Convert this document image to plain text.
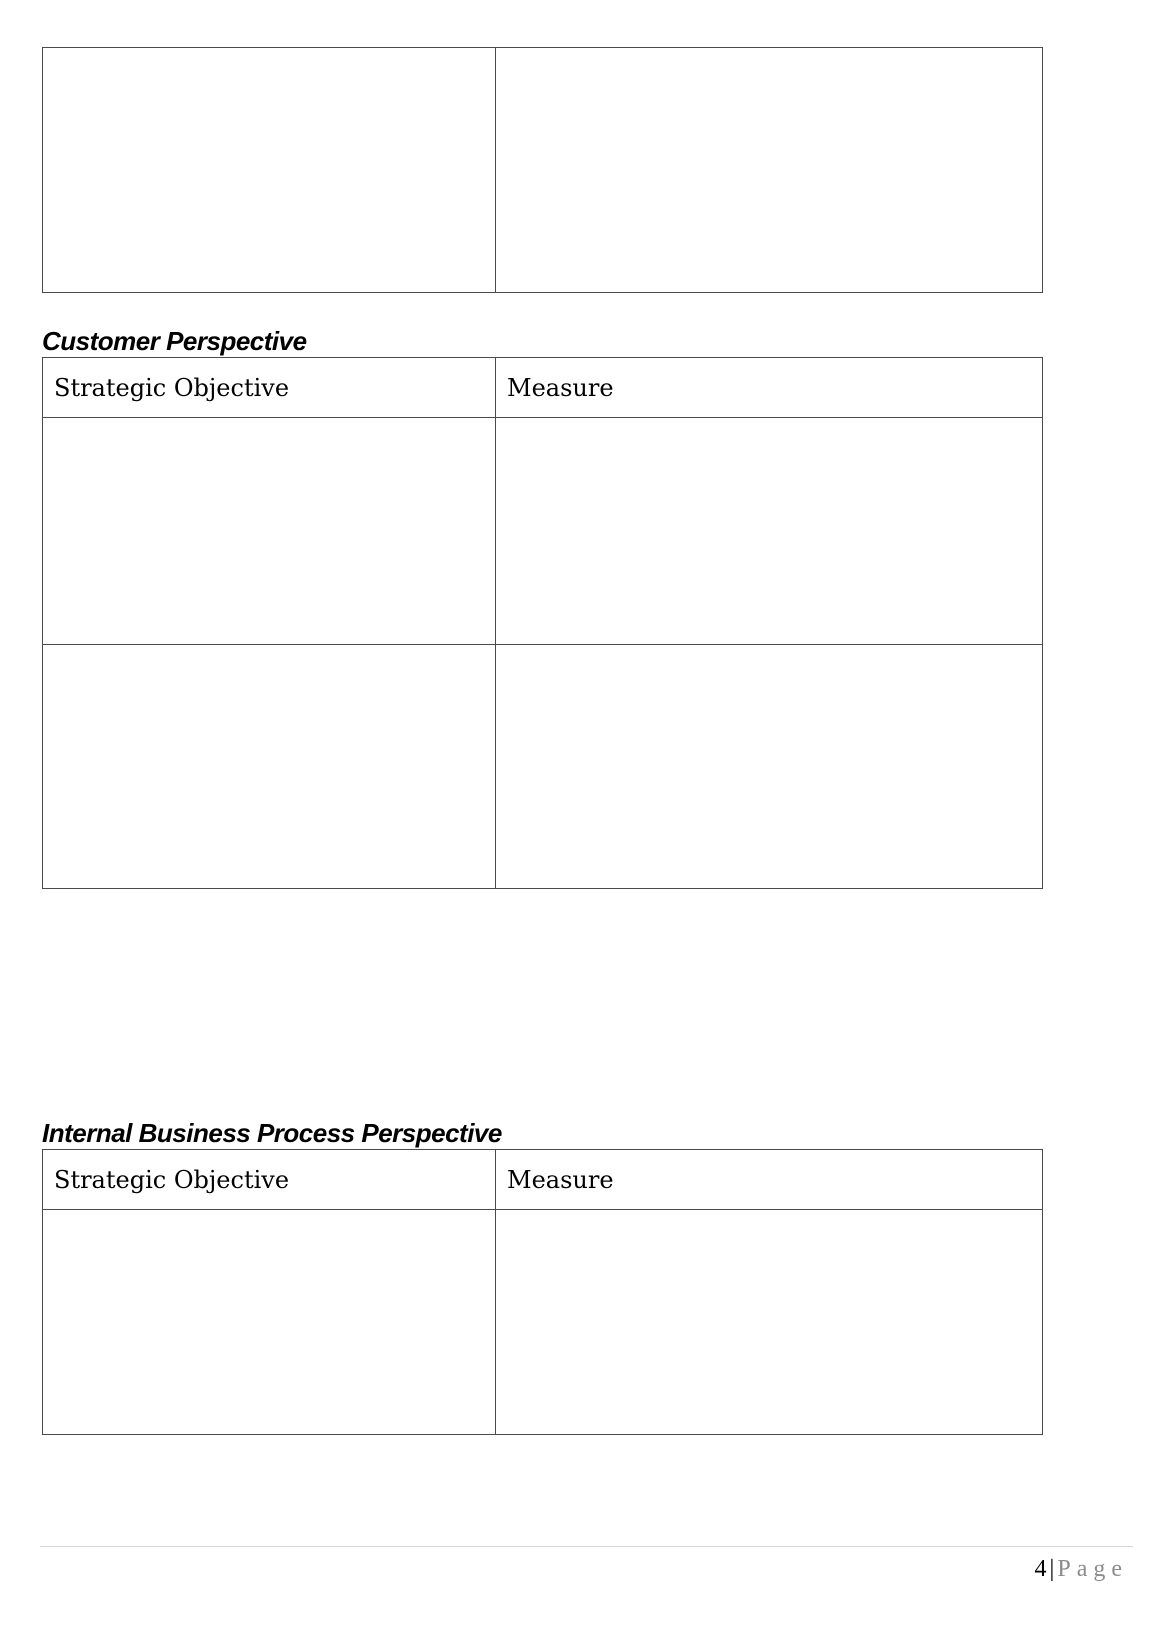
Customer Perspective
Strategic Objective	Measure

Internal Business Process Perspective
Strategic Objective	Measure

4 | Page
